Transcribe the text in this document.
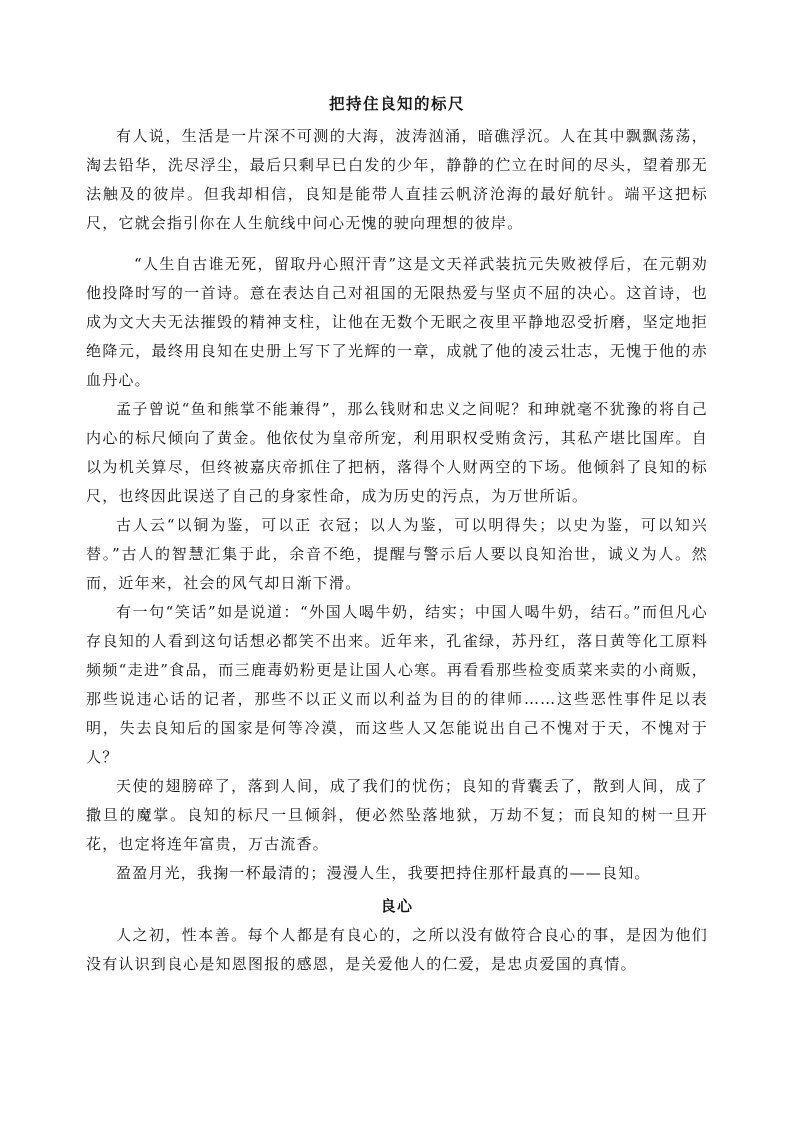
把持住良知的标尺

有人说，生活是一片深不可测的大海，波涛汹涌，暗礁浮沉。人在其中飘飘荡荡，淘去铅华，洗尽浮尘，最后只剩早已白发的少年，静静的伫立在时间的尽头，望着那无法触及的彼岸。但我却相信，良知是能带人直挂云帆济沧海的最好航针。端平这把标尺，它就会指引你在人生航线中问心无愧的驶向理想的彼岸。

“人生自古谁无死，留取丹心照汗青”这是文天祥武装抗元失败被俘后，在元朝劝他投降时写的一首诗。意在表达自己对祖国的无限热爱与坚贞不屈的决心。这首诗，也成为文大夫无法摧毁的精神支柱，让他在无数个无眠之夜里平静地忍受折磨，坚定地拒绝降元，最终用良知在史册上写下了光辉的一章，成就了他的凌云壮志，无愧于他的赤血丹心。

孟子曾说“鱼和熊掌不能兼得”，那么钱财和忠义之间呢？和珅就毫不犹豫的将自己内心的标尺倾向了黄金。他依仗为皇帝所宠，利用职权受贿贪污，其私产堪比国库。自以为机关算尽，但终被嘉庆帝抓住了把柄，落得个人财两空的下场。他倾斜了良知的标尺，也终因此误送了自己的身家性命，成为历史的污点，为万世所诟。

古人云“以铜为鉴，可以正 衣冠；以人为鉴，可以明得失；以史为鉴，可以知兴替。”古人的智慧汇集于此，余音不绝，提醒与警示后人要以良知治世，诚义为人。然而，近年来，社会的风气却日渐下滑。

有一句“笑话”如是说道：“外国人喝牛奶，结实；中国人喝牛奶，结石。”而但凡心 存良知的人看到这句话想必都笑不出来。近年来，孔雀绿，苏丹红，落日黄等化工原料频频“走进”食品，而三鹿毒奶粉更是让国人心寒。再看看那些检变质菜来卖的小商贩，那些说违心话的记者，那些不以正义而以利益为目的的律师……这些恶性事件足以表明，失去良知后的国家是何等冷漠，而这些人又怎能说出自己不愧对于天，不愧对于人？

天使的翅膀碎了，落到人间，成了我们的忧伤；良知的背囊丢了，散到人间，成了撒旦的魔掌。良知的标尺一旦倾斜，便必然坠落地狱，万劫不复；而良知的树一旦开花，也定将连年富贵，万古流香。

盈盈月光，我掬一杯最清的；漫漫人生，我要把持住那杆最真的——良知。

良心

人之初，性本善。每个人都是有良心的，之所以没有做符合良心的事，是因为他们没有认识到良心是知恩图报的感恩，是关爱他人的仁爱，是忠贞爱国的真情。
